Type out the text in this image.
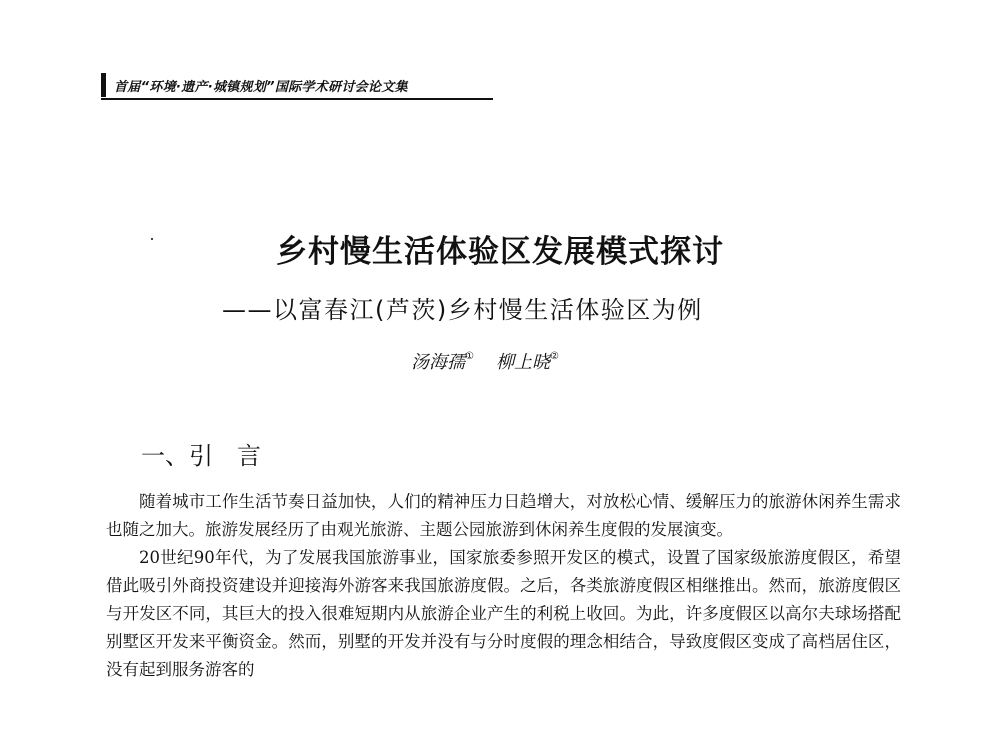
首届“环境·遗产·城镇规划”国际学术研讨会论文集
乡村慢生活体验区发展模式探讨
——以富春江(芦茨)乡村慢生活体验区为例
汤海孺① 柳上晓②
一、引　言

随着城市工作生活节奏日益加快，人们的精神压力日趋增大，对放松心情、缓解压力的旅游休闲养生需求也随之加大。旅游发展经历了由观光旅游、主题公园旅游到休闲养生度假的发展演变。

20世纪90年代，为了发展我国旅游事业，国家旅委参照开发区的模式，设置了国家级旅游度假区，希望借此吸引外商投资建设并迎接海外游客来我国旅游度假。之后，各类旅游度假区相继推出。然而，旅游度假区与开发区不同，其巨大的投入很难短期内从旅游企业产生的利税上收回。为此，许多度假区以高尔夫球场搭配别墅区开发来平衡资金。然而，别墅的开发并没有与分时度假的理念相结合，导致度假区变成了高档居住区，没有起到服务游客的
